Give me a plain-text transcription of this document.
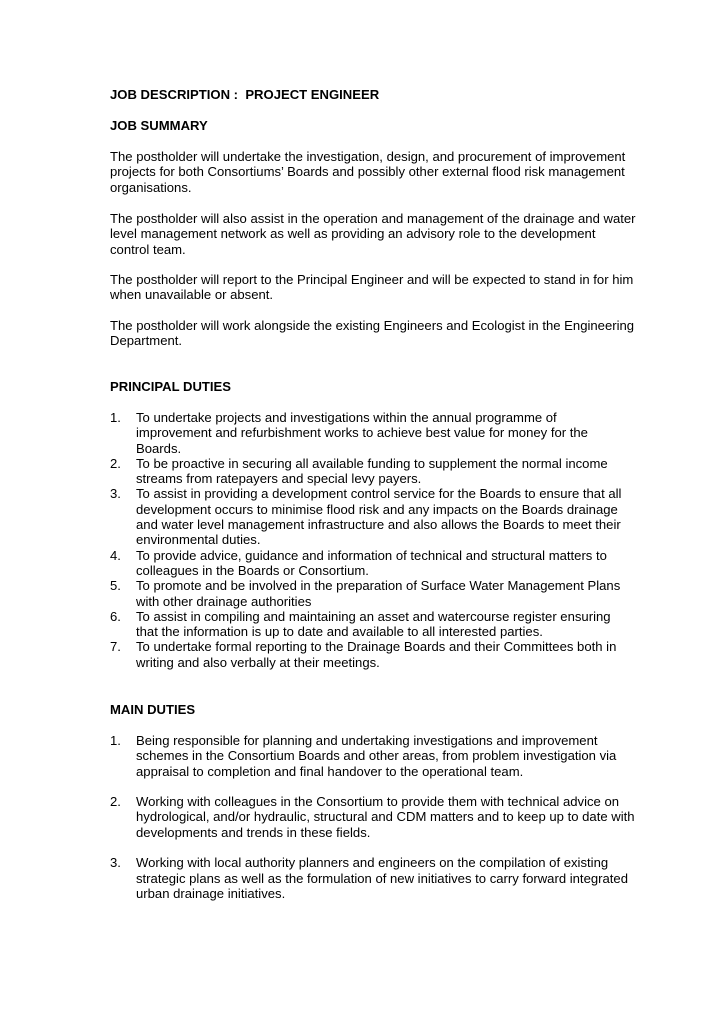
JOB DESCRIPTION :  PROJECT ENGINEER
JOB SUMMARY
The postholder will undertake the investigation, design, and procurement of improvement
projects for both Consortiums’ Boards and possibly other external flood risk management
organisations.
The postholder will also assist in the operation and management of the drainage and water
level management network as well as providing an advisory role to the development
control team.
The postholder will report to the Principal Engineer and will be expected to stand in for him
when unavailable or absent.
The postholder will work alongside the existing Engineers and Ecologist in the Engineering
Department.
PRINCIPAL DUTIES
1. To undertake projects and investigations within the annual programme of
improvement and refurbishment works to achieve best value for money for the
Boards.
2. To be proactive in securing all available funding to supplement the normal income
streams from ratepayers and special levy payers.
3. To assist in providing a development control service for the Boards to ensure that all
development occurs to minimise flood risk and any impacts on the Boards drainage
and water level management infrastructure and also allows the Boards to meet their
environmental duties.
4. To provide advice, guidance and information of technical and structural matters to
colleagues in the Boards or Consortium.
5. To promote and be involved in the preparation of Surface Water Management Plans
with other drainage authorities
6. To assist in compiling and maintaining an asset and watercourse register ensuring
that the information is up to date and available to all interested parties.
7. To undertake formal reporting to the Drainage Boards and their Committees both in
writing and also verbally at their meetings.
MAIN DUTIES
1. Being responsible for planning and undertaking investigations and improvement
schemes in the Consortium Boards and other areas, from problem investigation via
appraisal to completion and final handover to the operational team.
2. Working with colleagues in the Consortium to provide them with technical advice on
hydrological, and/or hydraulic, structural and CDM matters and to keep up to date with
developments and trends in these fields.
3. Working with local authority planners and engineers on the compilation of existing
strategic plans as well as the formulation of new initiatives to carry forward integrated
urban drainage initiatives.
